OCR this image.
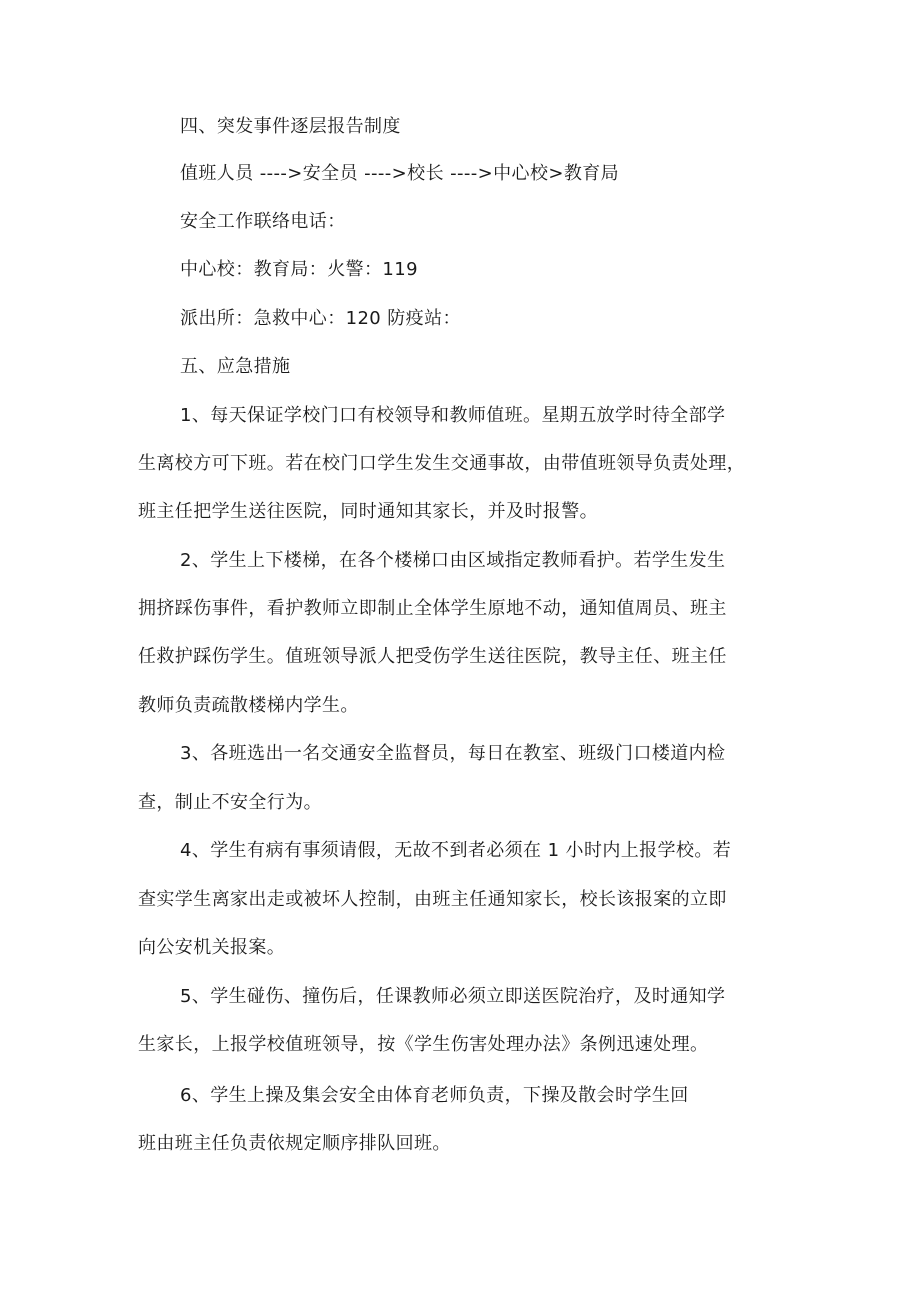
四、突发事件逐层报告制度
值班人员 ---->安全员 ---->校长 ---->中心校>教育局
安全工作联络电话：
中心校：教育局：火警：119
派出所：急救中心：120 防疫站：
五、应急措施
1、每天保证学校门口有校领导和教师值班。星期五放学时待全部学
生离校方可下班。若在校门口学生发生交通事故，由带值班领导负责处理，
班主任把学生送往医院，同时通知其家长，并及时报警。
2、学生上下楼梯，在各个楼梯口由区域指定教师看护。若学生发生
拥挤踩伤事件，看护教师立即制止全体学生原地不动，通知值周员、班主
任救护踩伤学生。值班领导派人把受伤学生送往医院，教导主任、班主任
教师负责疏散楼梯内学生。
3、各班选出一名交通安全监督员，每日在教室、班级门口楼道内检
查，制止不安全行为。
4、学生有病有事须请假，无故不到者必须在 1 小时内上报学校。若
查实学生离家出走或被坏人控制，由班主任通知家长，校长该报案的立即
向公安机关报案。
5、学生碰伤、撞伤后，任课教师必须立即送医院治疗，及时通知学
生家长，上报学校值班领导，按《学生伤害处理办法》条例迅速处理。
6、学生上操及集会安全由体育老师负责，下操及散会时学生回
班由班主任负责依规定顺序排队回班。
